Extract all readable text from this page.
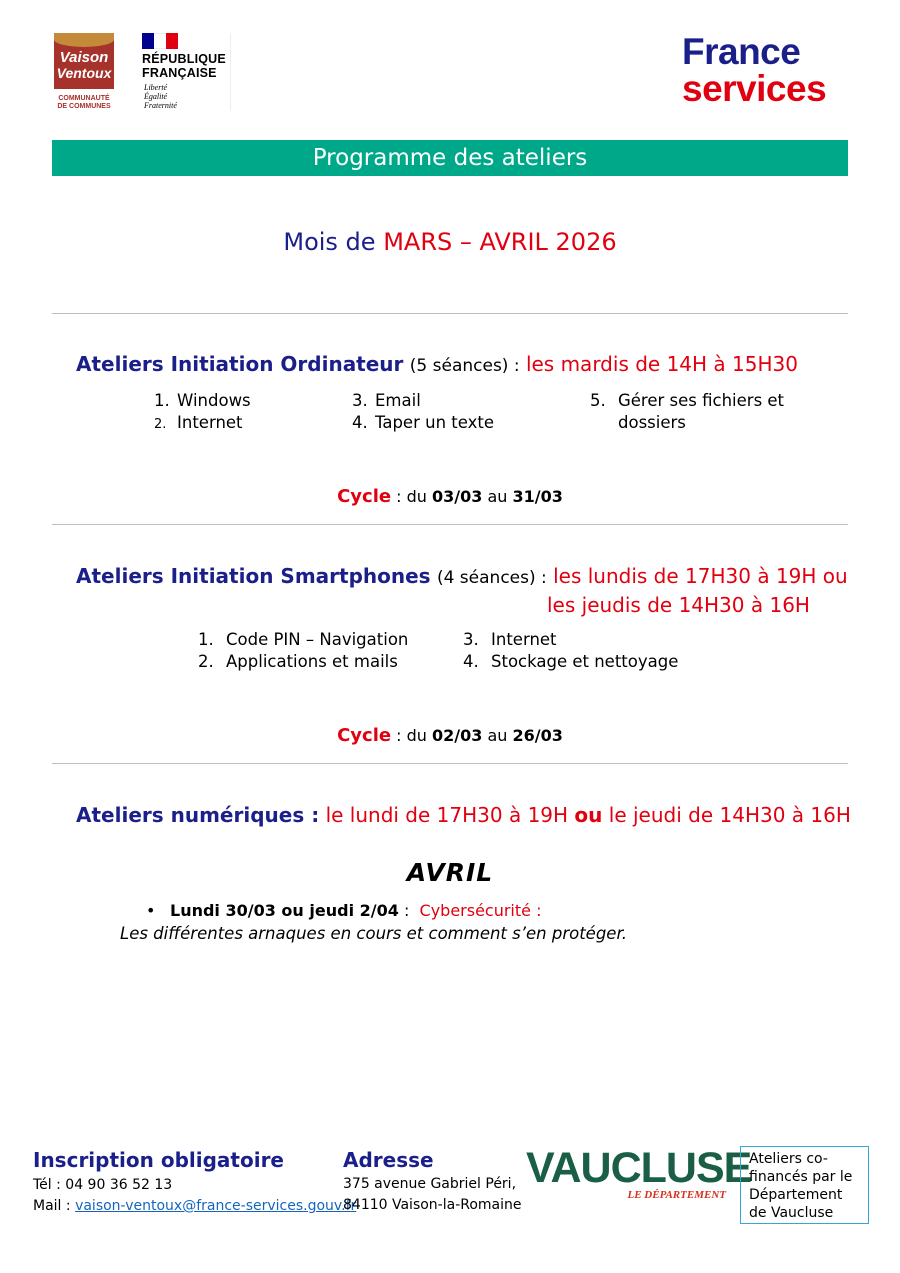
Vaison
Ventoux
COMMUNAUTÉ
DE COMMUNES
RÉPUBLIQUE
FRANÇAISE
Liberté
Égalité
Fraternité
France
services
Programme des ateliers
Mois de MARS – AVRIL 2026
Ateliers Initiation Ordinateur (5 séances) : les mardis de 14H à 15H30
1. Windows
2. Internet
3. Email
4. Taper un texte
5. Gérer ses fichiers et
dossiers
Cycle : du 03/03 au 31/03
Ateliers Initiation Smartphones (4 séances) : les lundis de 17H30 à 19H ou
les jeudis de 14H30 à 16H
1. Code PIN – Navigation
2. Applications et mails
3. Internet
4. Stockage et nettoyage
Cycle : du 02/03 au 26/03
Ateliers numériques : le lundi de 17H30 à 19H ou le jeudi de 14H30 à 16H
AVRIL
• Lundi 30/03 ou jeudi 2/04 : Cybersécurité :
Les différentes arnaques en cours et comment s’en protéger.
Inscription obligatoire
Tél : 04 90 36 52 13
Mail : vaison-ventoux@france-services.gouv.fr
Adresse
375 avenue Gabriel Péri,
84110 Vaison-la-Romaine
VAUCLUSE
LE DÉPARTEMENT
Ateliers co-
financés par le
Département
de Vaucluse
